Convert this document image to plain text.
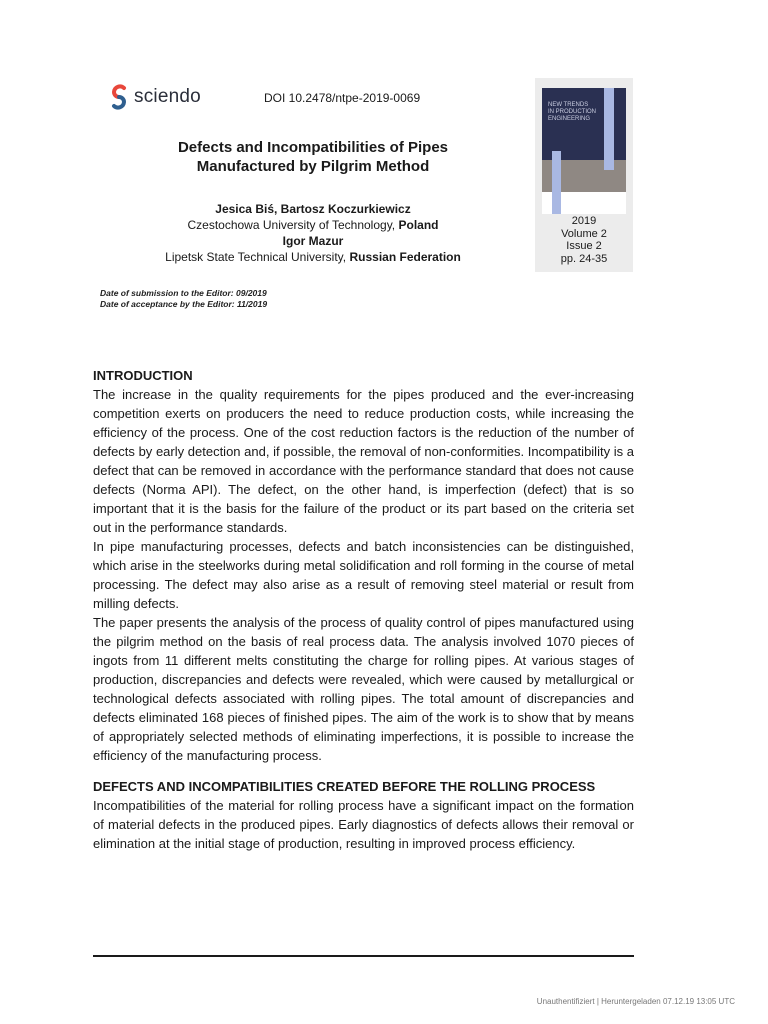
sciendo	DOI 10.2478/ntpe-2019-0069
Defects and Incompatibilities of Pipes
Manufactured by Pilgrim Method
Jesica Biś, Bartosz Koczurkiewicz
Czestochowa University of Technology, Poland
Igor Mazur
Lipetsk State Technical University, Russian Federation
Date of submission to the Editor: 09/2019
Date of acceptance by the Editor: 11/2019
NEW TRENDS
IN PRODUCTION
ENGINEERING
2019
Volume 2
Issue 2
pp. 24-35

INTRODUCTION

The increase in the quality requirements for the pipes produced and the ever-increasing competition exerts on producers the need to reduce production costs, while increasing the efficiency of the process. One of the cost reduction factors is the reduction of the number of defects by early detection and, if possible, the removal of non-conformities. Incompatibility is a defect that can be removed in accordance with the performance standard that does not cause defects (Norma API). The defect, on the other hand, is imperfection (defect) that is so important that it is the basis for the failure of the product or its part based on the criteria set out in the performance standards.

In pipe manufacturing processes, defects and batch inconsistencies can be distinguished, which arise in the steelworks during metal solidification and roll forming in the course of metal processing. The defect may also arise as a result of removing steel material or result from milling defects.

The paper presents the analysis of the process of quality control of pipes manufactured using the pilgrim method on the basis of real process data. The analysis involved 1070 pieces of ingots from 11 different melts constituting the charge for rolling pipes. At various stages of production, discrepancies and defects were revealed, which were caused by metallurgical or technological defects associated with rolling pipes. The total amount of discrepancies and defects eliminated 168 pieces of finished pipes. The aim of the work is to show that by means of appropriately selected methods of eliminating imperfections, it is possible to increase the efficiency of the manufacturing process.

DEFECTS AND INCOMPATIBILITIES CREATED BEFORE THE ROLLING PROCESS

Incompatibilities of the material for rolling process have a significant impact on the formation of material defects in the produced pipes. Early diagnostics of defects allows their removal or elimination at the initial stage of production, resulting in improved process efficiency.

Unauthentifiziert | Heruntergeladen 07.12.19 13:05 UTC
